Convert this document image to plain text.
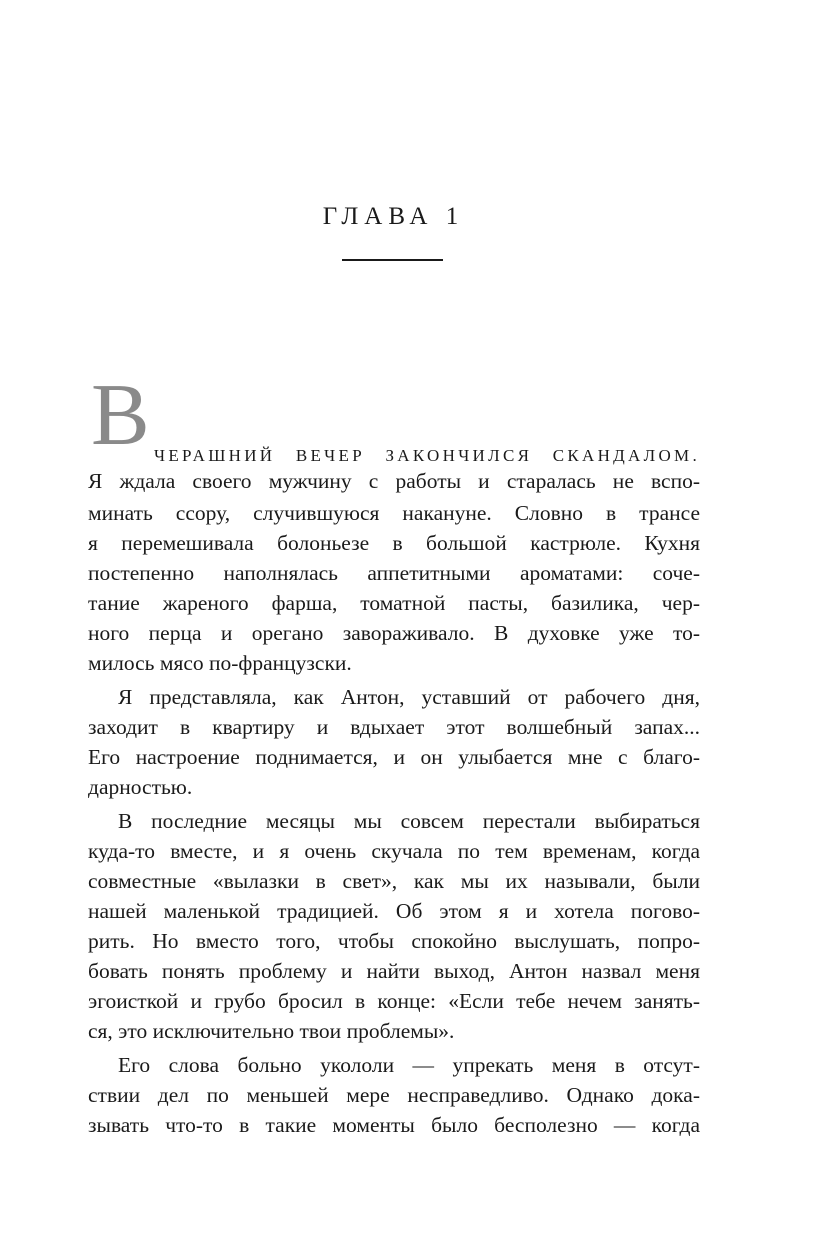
ГЛАВА 1
В ЧЕРАШНИЙ ВЕЧЕР ЗАКОНЧИЛСЯ СКАНДАЛОМ.
Я ждала своего мужчину с работы и старалась не вспо-
минать ссору, случившуюся накануне. Словно в трансе
я перемешивала болоньезе в большой кастрюле. Кухня
постепенно наполнялась аппетитными ароматами: соче-
тание жареного фарша, томатной пасты, базилика, чер-
ного перца и орегано завораживало. В духовке уже то-
милось мясо по-французски.
Я представляла, как Антон, уставший от рабочего дня,
заходит в квартиру и вдыхает этот волшебный запах...
Его настроение поднимается, и он улыбается мне с благо-
дарностью.
В последние месяцы мы совсем перестали выбираться
куда-то вместе, и я очень скучала по тем временам, когда
совместные «вылазки в свет», как мы их называли, были
нашей маленькой традицией. Об этом я и хотела погово-
рить. Но вместо того, чтобы спокойно выслушать, попро-
бовать понять проблему и найти выход, Антон назвал меня
эгоисткой и грубо бросил в конце: «Если тебе нечем занять-
ся, это исключительно твои проблемы».
Его слова больно укололи — упрекать меня в отсут-
ствии дел по меньшей мере несправедливо. Однако дока-
зывать что-то в такие моменты было бесполезно — когда
